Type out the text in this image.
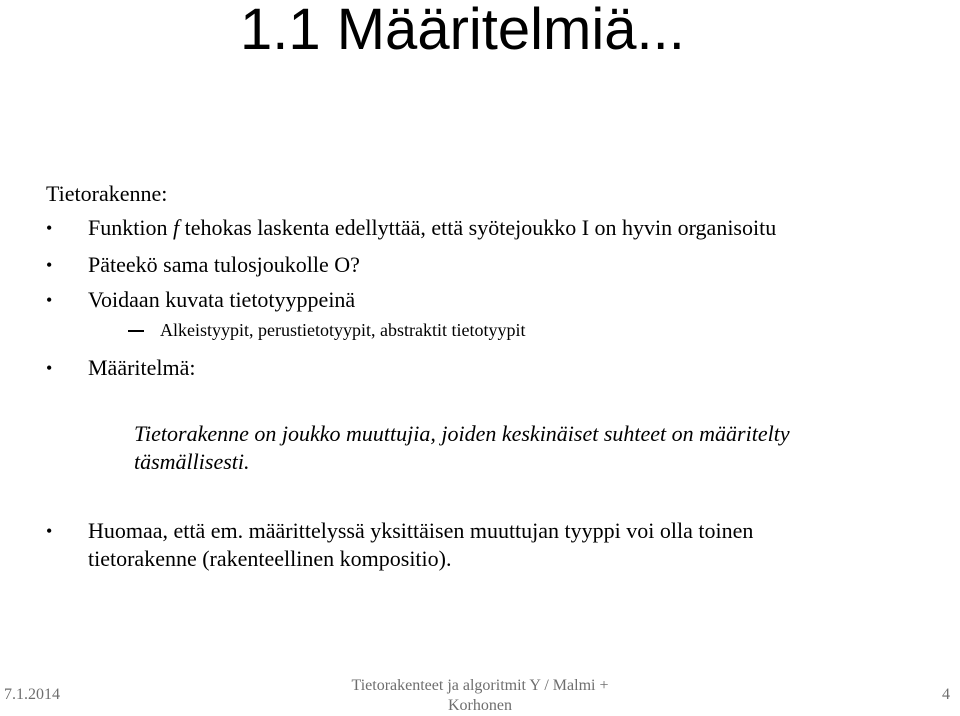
1.1 Määritelmiä...
Tietorakenne:
• Funktion f tehokas laskenta edellyttää, että syötejoukko I on hyvin organisoitu
• Päteekö sama tulosjoukolle O?
• Voidaan kuvata tietotyyppeinä
Alkeistyypit, perustietotyypit, abstraktit tietotyypit
• Määritelmä:
Tietorakenne on joukko muuttujia, joiden keskinäiset suhteet on määritelty
täsmällisesti.
• Huomaa, että em. määrittelyssä yksittäisen muuttujan tyyppi voi olla toinen
tietorakenne (rakenteellinen kompositio).
7.1.2014
Tietorakenteet ja algoritmit Y / Malmi +
Korhonen
4
